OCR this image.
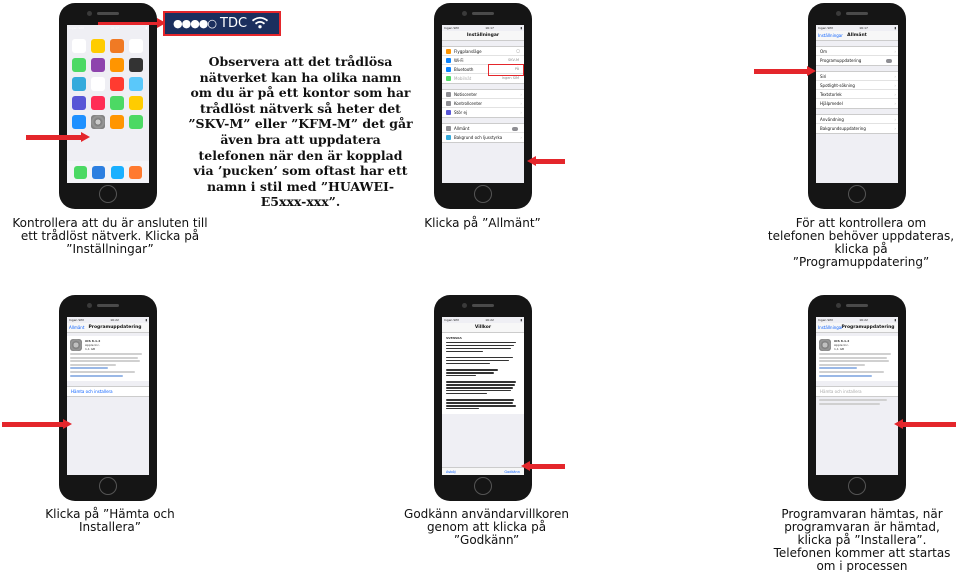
Ingen SIM	16:17	▮ ●●●●○ TDC
Observera att det trådlösa nätverket kan ha olika namn om du är på ett kontor som har trådlöst nätverk så heter det ”SKV-M” eller ”KFM-M” det går även bra att uppdatera telefonen när den är kopplad via ’pucken’ som oftast har ett namn i stil med ”HUAWEI-E5xxx-xxx”.
Ingen SIM	16:17	▮
Inställningar
Flygplansläge	◯
Wi-Fi	SKV-M
Bluetooth	På
Mobilnät	Ingen SIM
Notiscenter	›
Kontrollcenter	›
Stör ej	›
Allmänt
Bakgrund och ljusstyrka	›
Ingen SIM	16:17	▮
Inställningar Allmänt
Om	›
Programuppdatering
Siri	›
Spotlight-sökning	›
Textstorlek	›
Hjälpmedel	›
Användning	›
Bakgrundsuppdatering	›
Kontrollera att du är ansluten till ett trådlöst nätverk. Klicka på ”Inställningar”
Klicka på ”Allmänt”	För att kontrollera om telefonen behöver uppdateras, klicka på ”Programuppdatering”
Ingen SIM	16:22	▮
Allmänt Programuppdatering
iOS 8.1.2
Apple Inc.
1,1 GB
Hämta och installera
Ingen SIM	16:22	▮
Villkor
SVENSKA
Avböj	Godkänn
Ingen SIM	16:22	▮
Inställningar
Programuppdatering
iOS 8.1.2
Apple Inc.
1,1 GB
Hämta och installera
Klicka på ”Hämta och Installera”
Godkänn användarvillkoren genom att klicka på ”Godkänn”
Programvaran hämtas, när programvaran är hämtad, klicka på ”Installera”. Telefonen kommer att startas om i processen
